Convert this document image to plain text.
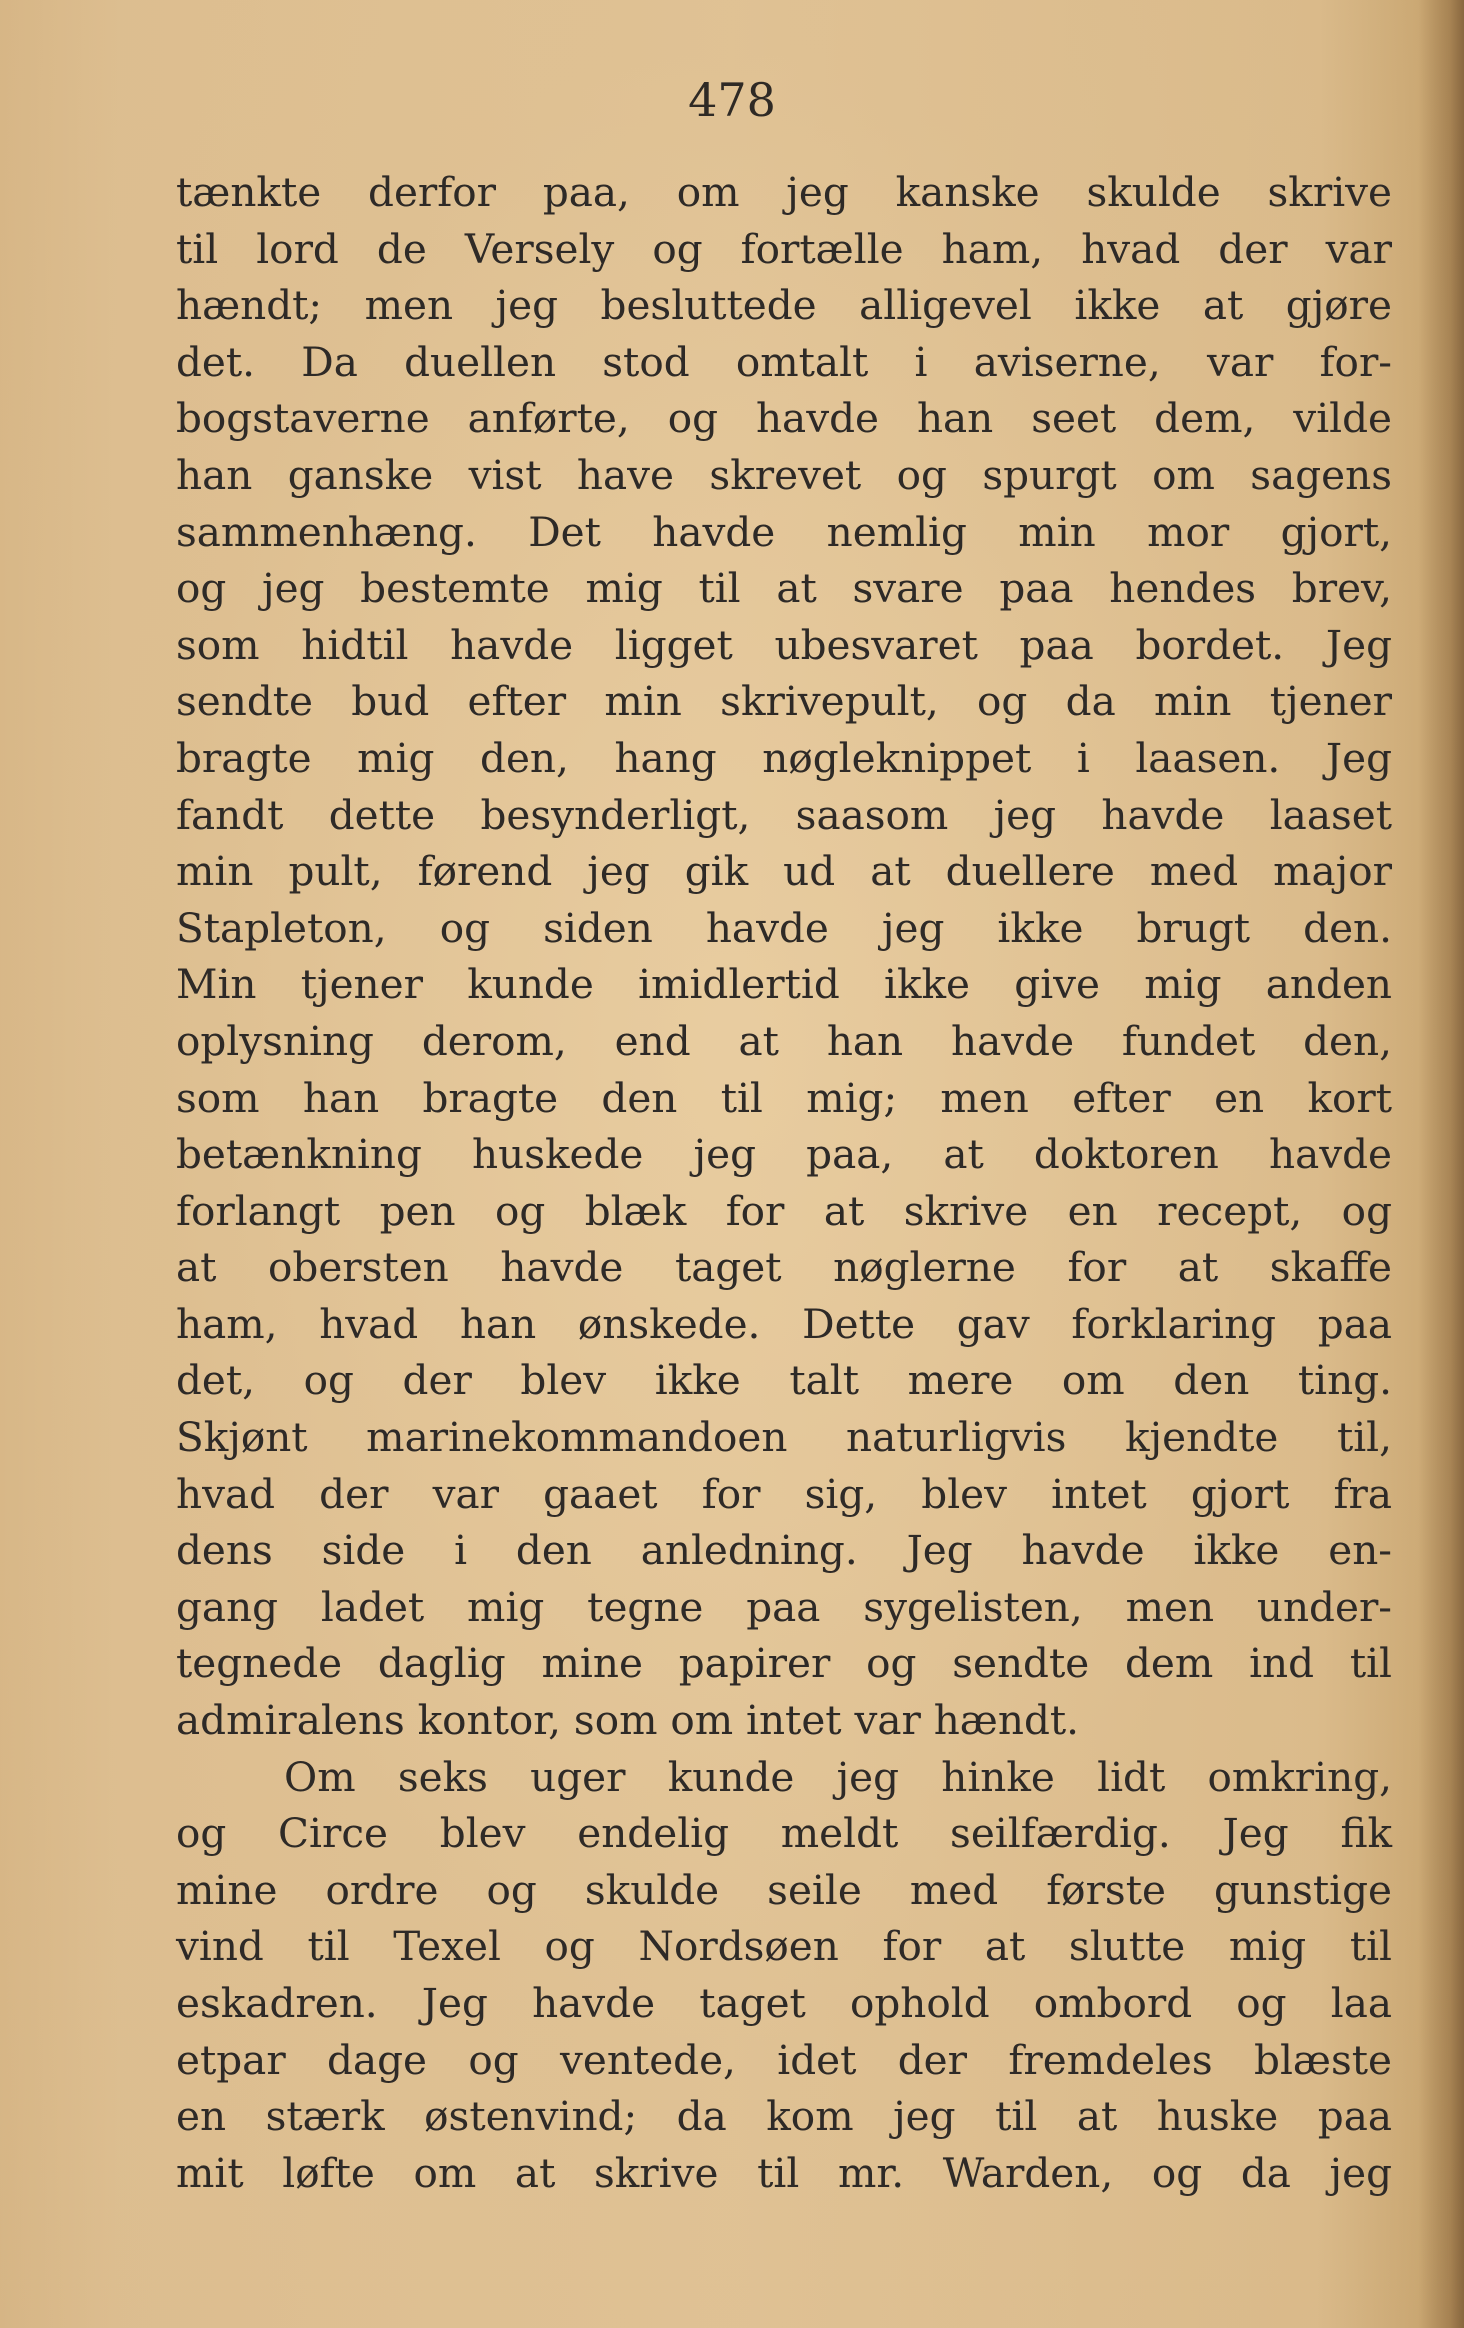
478
tænkte derfor paa, om jeg kanske skulde skrive
til lord de Versely og fortælle ham, hvad der var
hændt; men jeg besluttede alligevel ikke at gjøre
det. Da duellen stod omtalt i aviserne, var for-
bogstaverne anførte, og havde han seet dem, vilde
han ganske vist have skrevet og spurgt om sagens
sammenhæng. Det havde nemlig min mor gjort,
og jeg bestemte mig til at svare paa hendes brev,
som hidtil havde ligget ubesvaret paa bordet. Jeg
sendte bud efter min skrivepult, og da min tjener
bragte mig den, hang nøgleknippet i laasen. Jeg
fandt dette besynderligt, saasom jeg havde laaset
min pult, førend jeg gik ud at duellere med major
Stapleton, og siden havde jeg ikke brugt den.
Min tjener kunde imidlertid ikke give mig anden
oplysning derom, end at han havde fundet den,
som han bragte den til mig; men efter en kort
betænkning huskede jeg paa, at doktoren havde
forlangt pen og blæk for at skrive en recept, og
at obersten havde taget nøglerne for at skaffe
ham, hvad han ønskede. Dette gav forklaring paa
det, og der blev ikke talt mere om den ting.
Skjønt marinekommandoen naturligvis kjendte til,
hvad der var gaaet for sig, blev intet gjort fra
dens side i den anledning. Jeg havde ikke en-
gang ladet mig tegne paa sygelisten, men under-
tegnede daglig mine papirer og sendte dem ind til
admiralens kontor, som om intet var hændt.
Om seks uger kunde jeg hinke lidt omkring,
og Circe blev endelig meldt seilfærdig. Jeg fik
mine ordre og skulde seile med første gunstige
vind til Texel og Nordsøen for at slutte mig til
eskadren. Jeg havde taget ophold ombord og laa
etpar dage og ventede, idet der fremdeles blæste
en stærk østenvind; da kom jeg til at huske paa
mit løfte om at skrive til mr. Warden, og da jeg
